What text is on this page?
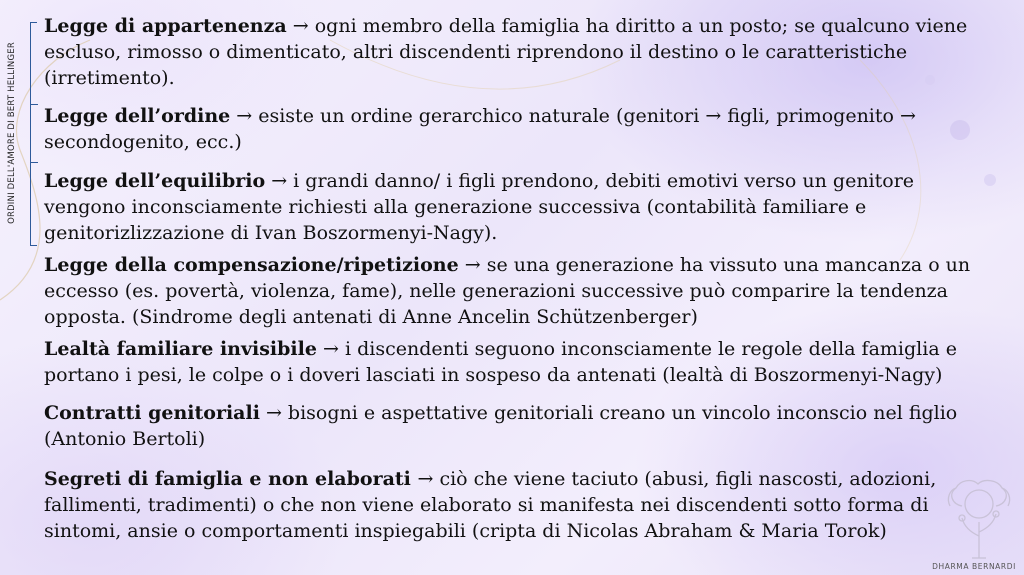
ORDINI DELL'AMORE DI BERT HELLINGER

Legge di appartenenza → ogni membro della famiglia ha diritto a un posto; se qualcuno viene escluso, rimosso o dimenticato, altri discendenti riprendono il destino o le caratteristiche (irretimento).

Legge dell’ordine → esiste un ordine gerarchico naturale (genitori → figli, primogenito → secondogenito, ecc.)

Legge dell’equilibrio → i grandi danno/ i figli prendono, debiti emotivi verso un genitore vengono inconsciamente richiesti alla generazione successiva (contabilità familiare e genitorizlizzazione di Ivan Boszormenyi-Nagy).

Legge della compensazione/ripetizione → se una generazione ha vissuto una mancanza o un eccesso (es. povertà, violenza, fame), nelle generazioni successive può comparire la tendenza opposta. (Sindrome degli antenati di Anne Ancelin Schützenberger)

Lealtà familiare invisibile → i discendenti seguono inconsciamente le regole della famiglia e portano i pesi, le colpe o i doveri lasciati in sospeso da antenati (lealtà di Boszormenyi-Nagy)

Contratti genitoriali → bisogni e aspettative genitoriali creano un vincolo inconscio nel figlio (Antonio Bertoli)

Segreti di famiglia e non elaborati → ciò che viene taciuto (abusi, figli nascosti, adozioni, fallimenti, tradimenti) o che non viene elaborato si manifesta nei discendenti sotto forma di sintomi, ansie o comportamenti inspiegabili (cripta di Nicolas Abraham & Maria Torok)

DHARMA BERNARDI
